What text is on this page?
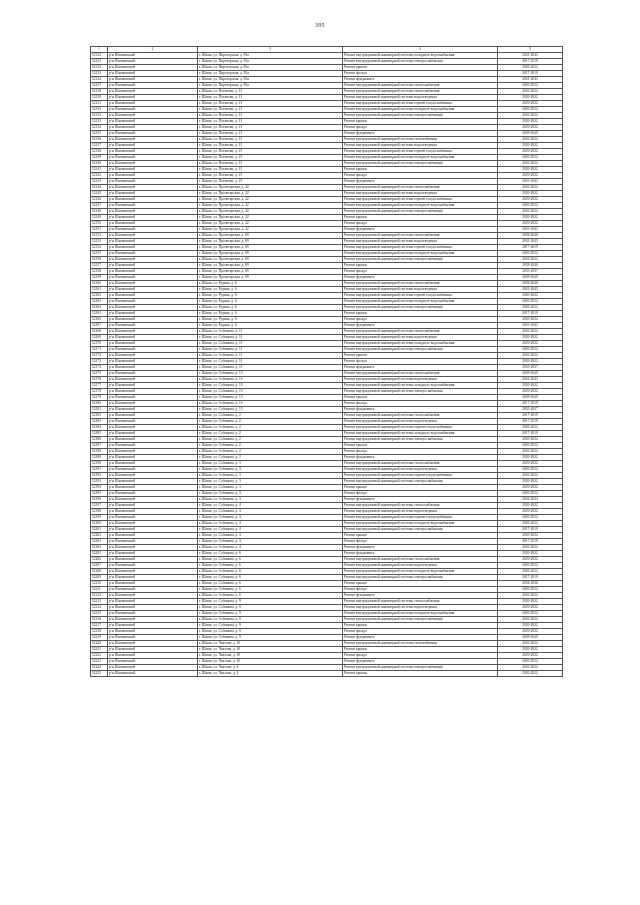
395
1	2	3	4	5
52122	р-н Шашковский	г. Шашк, ул. Пирогорская, д. 83а	Ремонт внутридомовой инженерной системы холодного водоснабжения	2041-2043
52123	р-н Шашковский	г. Шашк, ул. Пирогорская, д. 83а	Ремонт внутридомовой инженерной системы электроснабжения	2017-2019
52125	р-н Шашковский	г. Шашк, ул. Пирогорская, д. 85а	Ремонт крыши	2020-2022
52123	р-н Шашковский	г. Шашк, ул. Пирогорская, д. 85а	Ремонт фасада	2017-2019
52124	р-н Шашковский	г. Шашк, ул. Пирогорская, д. 85а	Ремонт фундамента	2041-2043
52127	р-н Шашковский	г. Шашк, ул. Пирогорская, д. 85а	Ремонт внутридомовой инженерной системы теплоснабжения	2020-2022
52128	р-н Шашковский	г. Шашк, ул. Потапова, д. 13	Ремонт внутридомовой инженерной системы теплоснабжения	2020-2022
52130	р-н Шашковский	г. Шашк, ул. Потапова, д. 13	Ремонт внутридомовой инженерной системы водоотведения	2020-2022
52131	р-н Шашковский	г. Шашк, ул. Потапова, д. 13	Ремонт внутридомовой инженерной системы горячего водоснабжения	2020-2022
52133	р-н Шашковский	г. Шашк, ул. Потапова, д. 13	Ремонт внутридомовой инженерной системы холодного водоснабжения	2020-2022
52132	р-н Шашковский	г. Шашк, ул. Потапова, д. 13	Ремонт внутридомовой инженерной системы электроснабжения	2020-2022
52133	р-н Шашковский	г. Шашк, ул. Потапова, д. 13	Ремонт крыши	2020-2022
52134	р-н Шашковский	г. Шашк, ул. Потапова, д. 13	Ремонт фасада	2020-2022
52135	р-н Шашковский	г. Шашк, ул. Потапова, д. 13	Ремонт фундамента	2038-2040
52136	р-н Шашковский	г. Шашк, ул. Потапова, д. 15	Ремонт внутридомовой инженерной системы газоснабжения	2020-2022
52137	р-н Шашковский	г. Шашк, ул. Потапова, д. 15	Ремонт внутридомовой инженерной системы водоотведения	2020-2022
52138	р-н Шашковский	г. Шашк, ул. Потапова, д. 15	Ремонт внутридомовой инженерной системы горячего водоснабжения	2020-2022
52139	р-н Шашковский	г. Шашк, ул. Потапова, д. 15	Ремонт внутридомовой инженерной системы холодного водоснабжения	2020-2022
52140	р-н Шашковский	г. Шашк, ул. Потапова, д. 15	Ремонт внутридомовой инженерной системы электроснабжения	2020-2022
52141	р-н Шашковский	г. Шашк, ул. Потапова, д. 15	Ремонт крыши	2020-2022
52142	р-н Шашковский	г. Шашк, ул. Потапова, д. 15	Ремонт фасада	2020-2022
52143	р-н Шашковский	г. Шашк, ул. Потапова, д. 15	Ремонт фундамента	2041-2043
52144	р-н Шашковский	г. Шашк, ул. Пролетарская, д. 42	Ремонт внутридомовой инженерной системы теплоснабжения	2020-2022
52145	р-н Шашковский	г. Шашк, ул. Пролетарская, д. 42	Ремонт внутридомовой инженерной системы водоотведения	2020-2022
52146	р-н Шашковский	г. Шашк, ул. Пролетарская, д. 42	Ремонт внутридомовой инженерной системы горячего водоснабжения	2020-2022
52147	р-н Шашковский	г. Шашк, ул. Пролетарская, д. 42	Ремонт внутридомовой инженерной системы холодного водоснабжения	2020-2022
52148	р-н Шашковский	г. Шашк, ул. Пролетарская, д. 42	Ремонт внутридомовой инженерной системы электроснабжения	2020-2022
52149	р-н Шашковский	г. Шашк, ул. Пролетарская, д. 42	Ремонт крыши	2020-2022
52150	р-н Шашковский	г. Шашк, ул. Пролетарская, д. 42	Ремонт фасада	2020-2022
52151	р-н Шашковский	г. Шашк, ул. Пролетарская, д. 42	Ремонт фундамента	2041-2043
52152	р-н Шашковский	г. Шашк, ул. Пролетарская, д. 69	Ремонт внутридомовой инженерной системы теплоснабжения	2038-2040
52153	р-н Шашковский	г. Шашк, ул. Пролетарская, д. 69	Ремонт внутридомовой инженерной системы водоотведения	2041-2043
52154	р-н Шашковский	г. Шашк, ул. Пролетарская, д. 69	Ремонт внутридомовой инженерной системы горячего водоснабжения	2017-2019
52155	р-н Шашковский	г. Шашк, ул. Пролетарская, д. 69	Ремонт внутридомовой инженерной системы холодного водоснабжения	2020-2022
52156	р-н Шашковский	г. Шашк, ул. Пролетарская, д. 69	Ремонт внутридомовой инженерной системы электроснабжения	2020-2022
52157	р-н Шашковский	г. Шашк, ул. Пролетарская, д. 69	Ремонт крыши	2038-2040
52158	р-н Шашковский	г. Шашк, ул. Пролетарская, д. 69	Ремонт фасада	2035-2037
52159	р-н Шашковский	г. Шашк, ул. Пролетарская, д. 69	Ремонт фундамента	2038-2040
52160	р-н Шашковский	г. Шашк, ул. Рудина, д. 6	Ремонт внутридомовой инженерной системы теплоснабжения	2038-2040
52161	р-н Шашковский	г. Шашк, ул. Рудина, д. 6	Ремонт внутридомовой инженерной системы водоотведения	2041-2043
52162	р-н Шашковский	г. Шашк, ул. Рудина, д. 6	Ремонт внутридомовой инженерной системы горячего водоснабжения	2020-2022
52163	р-н Шашковский	г. Шашк, ул. Рудина, д. 6	Ремонт внутридомовой инженерной системы холодного водоснабжения	2020-2022
52164	р-н Шашковский	г. Шашк, ул. Рудина, д. 6	Ремонт внутридомовой инженерной системы электроснабжения	2020-2022
52165	р-н Шашковский	г. Шашк, ул. Рудина, д. 6	Ремонт крыши	2017-2019
52166	р-н Шашковский	г. Шашк, ул. Рудина, д. 6	Ремонт фасада	2020-2022
52167	р-н Шашковский	г. Шашк, ул. Рудина, д. 6	Ремонт фундамента	2041-2043
52168	р-н Шашковский	г. Шашк, ул. Собинова, д. 11	Ремонт внутридомовой инженерной системы теплоснабжения	2020-2022
52169	р-н Шашковский	г. Шашк, ул. Собинова, д. 11	Ремонт внутридомовой инженерной системы водоотведения	2020-2022
52170	р-н Шашковский	г. Шашк, ул. Собинова, д. 11	Ремонт внутридомовой инженерной системы холодного водоснабжения	2020-2022
52171	р-н Шашковский	г. Шашк, ул. Собинова, д. 11	Ремонт внутридомовой инженерной системы электроснабжения	2020-2022
52172	р-н Шашковский	г. Шашк, ул. Собинова, д. 11	Ремонт крыши	2020-2022
52173	р-н Шашковский	г. Шашк, ул. Собинова, д. 11	Ремонт фасада	2020-2022
52174	р-н Шашковский	г. Шашк, ул. Собинова, д. 11	Ремонт фундамента	2035-2037
52175	р-н Шашковский	г. Шашк, ул. Собинова, д. 13	Ремонт внутридомовой инженерной системы теплоснабжения	2038-2040
52176	р-н Шашковский	г. Шашк, ул. Собинова, д. 13	Ремонт внутридомовой инженерной системы водоотведения	2041-2043
52177	р-н Шашковский	г. Шашк, ул. Собинова, д. 13	Ремонт внутридомовой инженерной системы холодного водоснабжения	2020-2022
52178	р-н Шашковский	г. Шашк, ул. Собинова, д. 13	Ремонт внутридомовой инженерной системы электроснабжения	2020-2022
52179	р-н Шашковский	г. Шашк, ул. Собинова, д. 13	Ремонт крыши	2038-2040
52180	р-н Шашковский	г. Шашк, ул. Собинова, д. 13	Ремонт фасада	2017-2019
52181	р-н Шашковский	г. Шашк, ул. Собинова, д. 13	Ремонт фундамента	2035-2037
52182	р-н Шашковский	г. Шашк, ул. Собинова, д. 2	Ремонт внутридомовой инженерной системы теплоснабжения	2017-2019
52183	р-н Шашковский	г. Шашк, ул. Собинова, д. 2	Ремонт внутридомовой инженерной системы водоотведения	2017-2019
52184	р-н Шашковский	г. Шашк, ул. Собинова, д. 2	Ремонт внутридомовой инженерной системы горячего водоснабжения	2020-2022
52185	р-н Шашковский	г. Шашк, ул. Собинова, д. 2	Ремонт внутридомовой инженерной системы холодного водоснабжения	2017-2019
52186	р-н Шашковский	г. Шашк, ул. Собинова, д. 2	Ремонт внутридомовой инженерной системы электроснабжения	2020-2022
52187	р-н Шашковский	г. Шашк, ул. Собинова, д. 2	Ремонт крыши	2020-2022
52188	р-н Шашковский	г. Шашк, ул. Собинова, д. 2	Ремонт фасада	2020-2022
52189	р-н Шашковский	г. Шашк, ул. Собинова, д. 2	Ремонт фундамента	2020-2022
52190	р-н Шашковский	г. Шашк, ул. Собинова, д. 3	Ремонт внутридомовой инженерной системы теплоснабжения	2020-2022
52191	р-н Шашковский	г. Шашк, ул. Собинова, д. 3	Ремонт внутридомовой инженерной системы водоотведения	2020-2022
52192	р-н Шашковский	г. Шашк, ул. Собинова, д. 3	Ремонт внутридомовой инженерной системы горячего водоснабжения	2020-2022
52193	р-н Шашковский	г. Шашк, ул. Собинова, д. 3	Ремонт внутридомовой инженерной системы электроснабжения	2020-2022
52194	р-н Шашковский	г. Шашк, ул. Собинова, д. 3	Ремонт крыши	2020-2022
52195	р-н Шашковский	г. Шашк, ул. Собинова, д. 3	Ремонт фасада	2020-2022
52196	р-н Шашковский	г. Шашк, ул. Собинова, д. 3	Ремонт фундамента	2032-2034
52197	р-н Шашковский	г. Шашк, ул. Собинова, д. 4	Ремонт внутридомовой инженерной системы теплоснабжения	2020-2022
52198	р-н Шашковский	г. Шашк, ул. Собинова, д. 4	Ремонт внутридомовой инженерной системы водоотведения	2020-2022
52199	р-н Шашковский	г. Шашк, ул. Собинова, д. 4	Ремонт внутридомовой инженерной системы горячего водоснабжения	2020-2022
52200	р-н Шашковский	г. Шашк, ул. Собинова, д. 4	Ремонт внутридомовой инженерной системы холодного водоснабжения	2020-2022
52201	р-н Шашковский	г. Шашк, ул. Собинова, д. 4	Ремонт внутридомовой инженерной системы электроснабжения	2017-2019
52202	р-н Шашковский	г. Шашк, ул. Собинова, д. 4	Ремонт крыши	2020-2022
52203	р-н Шашковский	г. Шашк, ул. Собинова, д. 4	Ремонт фасада	2017-2019
52204	р-н Шашковский	г. Шашк, ул. Собинова, д. 4	Ремонт фундамента	2020-2022
52205	р-н Шашковский	г. Шашк, ул. Собинова, д. 6	Ремонт фундамента	2020-2022
52206	р-н Шашковский	г. Шашк, ул. Собинова, д. 6	Ремонт внутридомовой инженерной системы теплоснабжения	2020-2022
52207	р-н Шашковский	г. Шашк, ул. Собинова, д. 6	Ремонт внутридомовой инженерной системы водоотведения	2020-2022
52208	р-н Шашковский	г. Шашк, ул. Собинова, д. 6	Ремонт внутридомовой инженерной системы холодного водоснабжения	2020-2022
52209	р-н Шашковский	г. Шашк, ул. Собинова, д. 6	Ремонт внутридомовой инженерной системы электроснабжения	2017-2019
52210	р-н Шашковский	г. Шашк, ул. Собинова, д. 6	Ремонт крыши	2034-2036
52211	р-н Шашковский	г. Шашк, ул. Собинова, д. 6	Ремонт фасада	2020-2022
52212	р-н Шашковский	г. Шашк, ул. Собинова, д. 6	Ремонт фундамента	2020-2022
52213	р-н Шашковский	г. Шашк, ул. Собинова, д. 9	Ремонт внутридомовой инженерной системы теплоснабжения	2020-2022
52214	р-н Шашковский	г. Шашк, ул. Собинова, д. 9	Ремонт внутридомовой инженерной системы водоотведения	2020-2022
52215	р-н Шашковский	г. Шашк, ул. Собинова, д. 9	Ремонт внутридомовой инженерной системы холодного водоснабжения	2020-2022
52216	р-н Шашковский	г. Шашк, ул. Собинова, д. 9	Ремонт внутридомовой инженерной системы электроснабжения	2020-2022
52217	р-н Шашковский	г. Шашк, ул. Собинова, д. 9	Ремонт крыши	2020-2022
52218	р-н Шашковский	г. Шашк, ул. Собинова, д. 9	Ремонт фасада	2020-2022
52219	р-н Шашковский	г. Шашк, ул. Собинова, д. 9	Ремонт фундамента	2038-2040
52220	р-н Шашковский	г. Шашк, ул. Чкалова, д. 10	Ремонт внутридомовой инженерной системы газоснабжения	2020-2022
52221	р-н Шашковский	г. Шашк, ул. Чкалова, д. 10	Ремонт крыши	2020-2022
52222	р-н Шашковский	г. Шашк, ул. Чкалова, д. 10	Ремонт фасада	2020-2022
52223	р-н Шашковский	г. Шашк, ул. Чкалова, д. 10	Ремонт фундамента	2020-2022
52224	р-н Шашковский	г. Шашк, ул. Чкалова, д. 4	Ремонт внутридомовой инженерной системы электроснабжения	2020-2022
52225	р-н Шашковский	г. Шашк, ул. Чкалова, д. 4	Ремонт крыши	2020-2022
